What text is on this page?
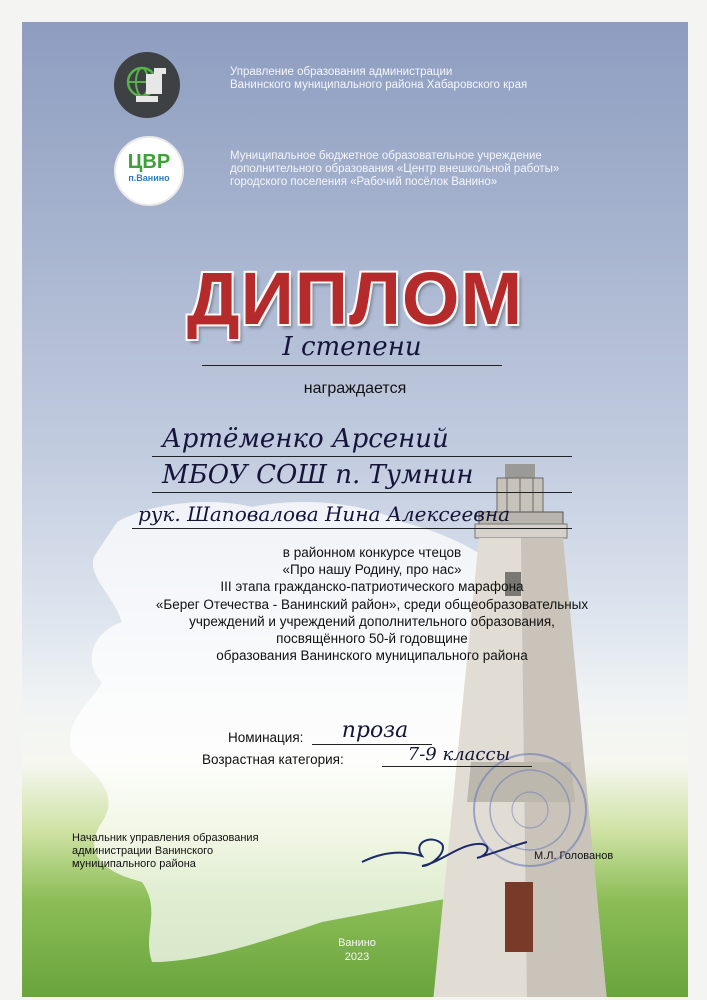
Управление образования администрации
Ванинского муниципального района Хабаровского края
ЦВР
п.Ванино
Муниципальное бюджетное образовательное учреждение
дополнительного образования «Центр внешкольной работы»
городского поселения «Рабочий посёлок Ванино»
ДИПЛОМ
I степени
награждается
Артёменко Арсений
МБОУ СОШ п. Тумнин
рук. Шаповалова Нина Алексеевна
в районном конкурсе чтецов
«Про нашу Родину, про нас»
III этапа гражданско-патриотического марафона
«Берег Отечества - Ванинский район», среди общеобразовательных
учреждений и учреждений дополнительного образования,
посвящённого 50-й годовщине
образования Ванинского муниципального района
Номинация:	проза
Возрастная категория:	7-9 классы
Начальник управления образования
администрации Ванинского
муниципального района
М.Л. Голованов
Ванино
2023
